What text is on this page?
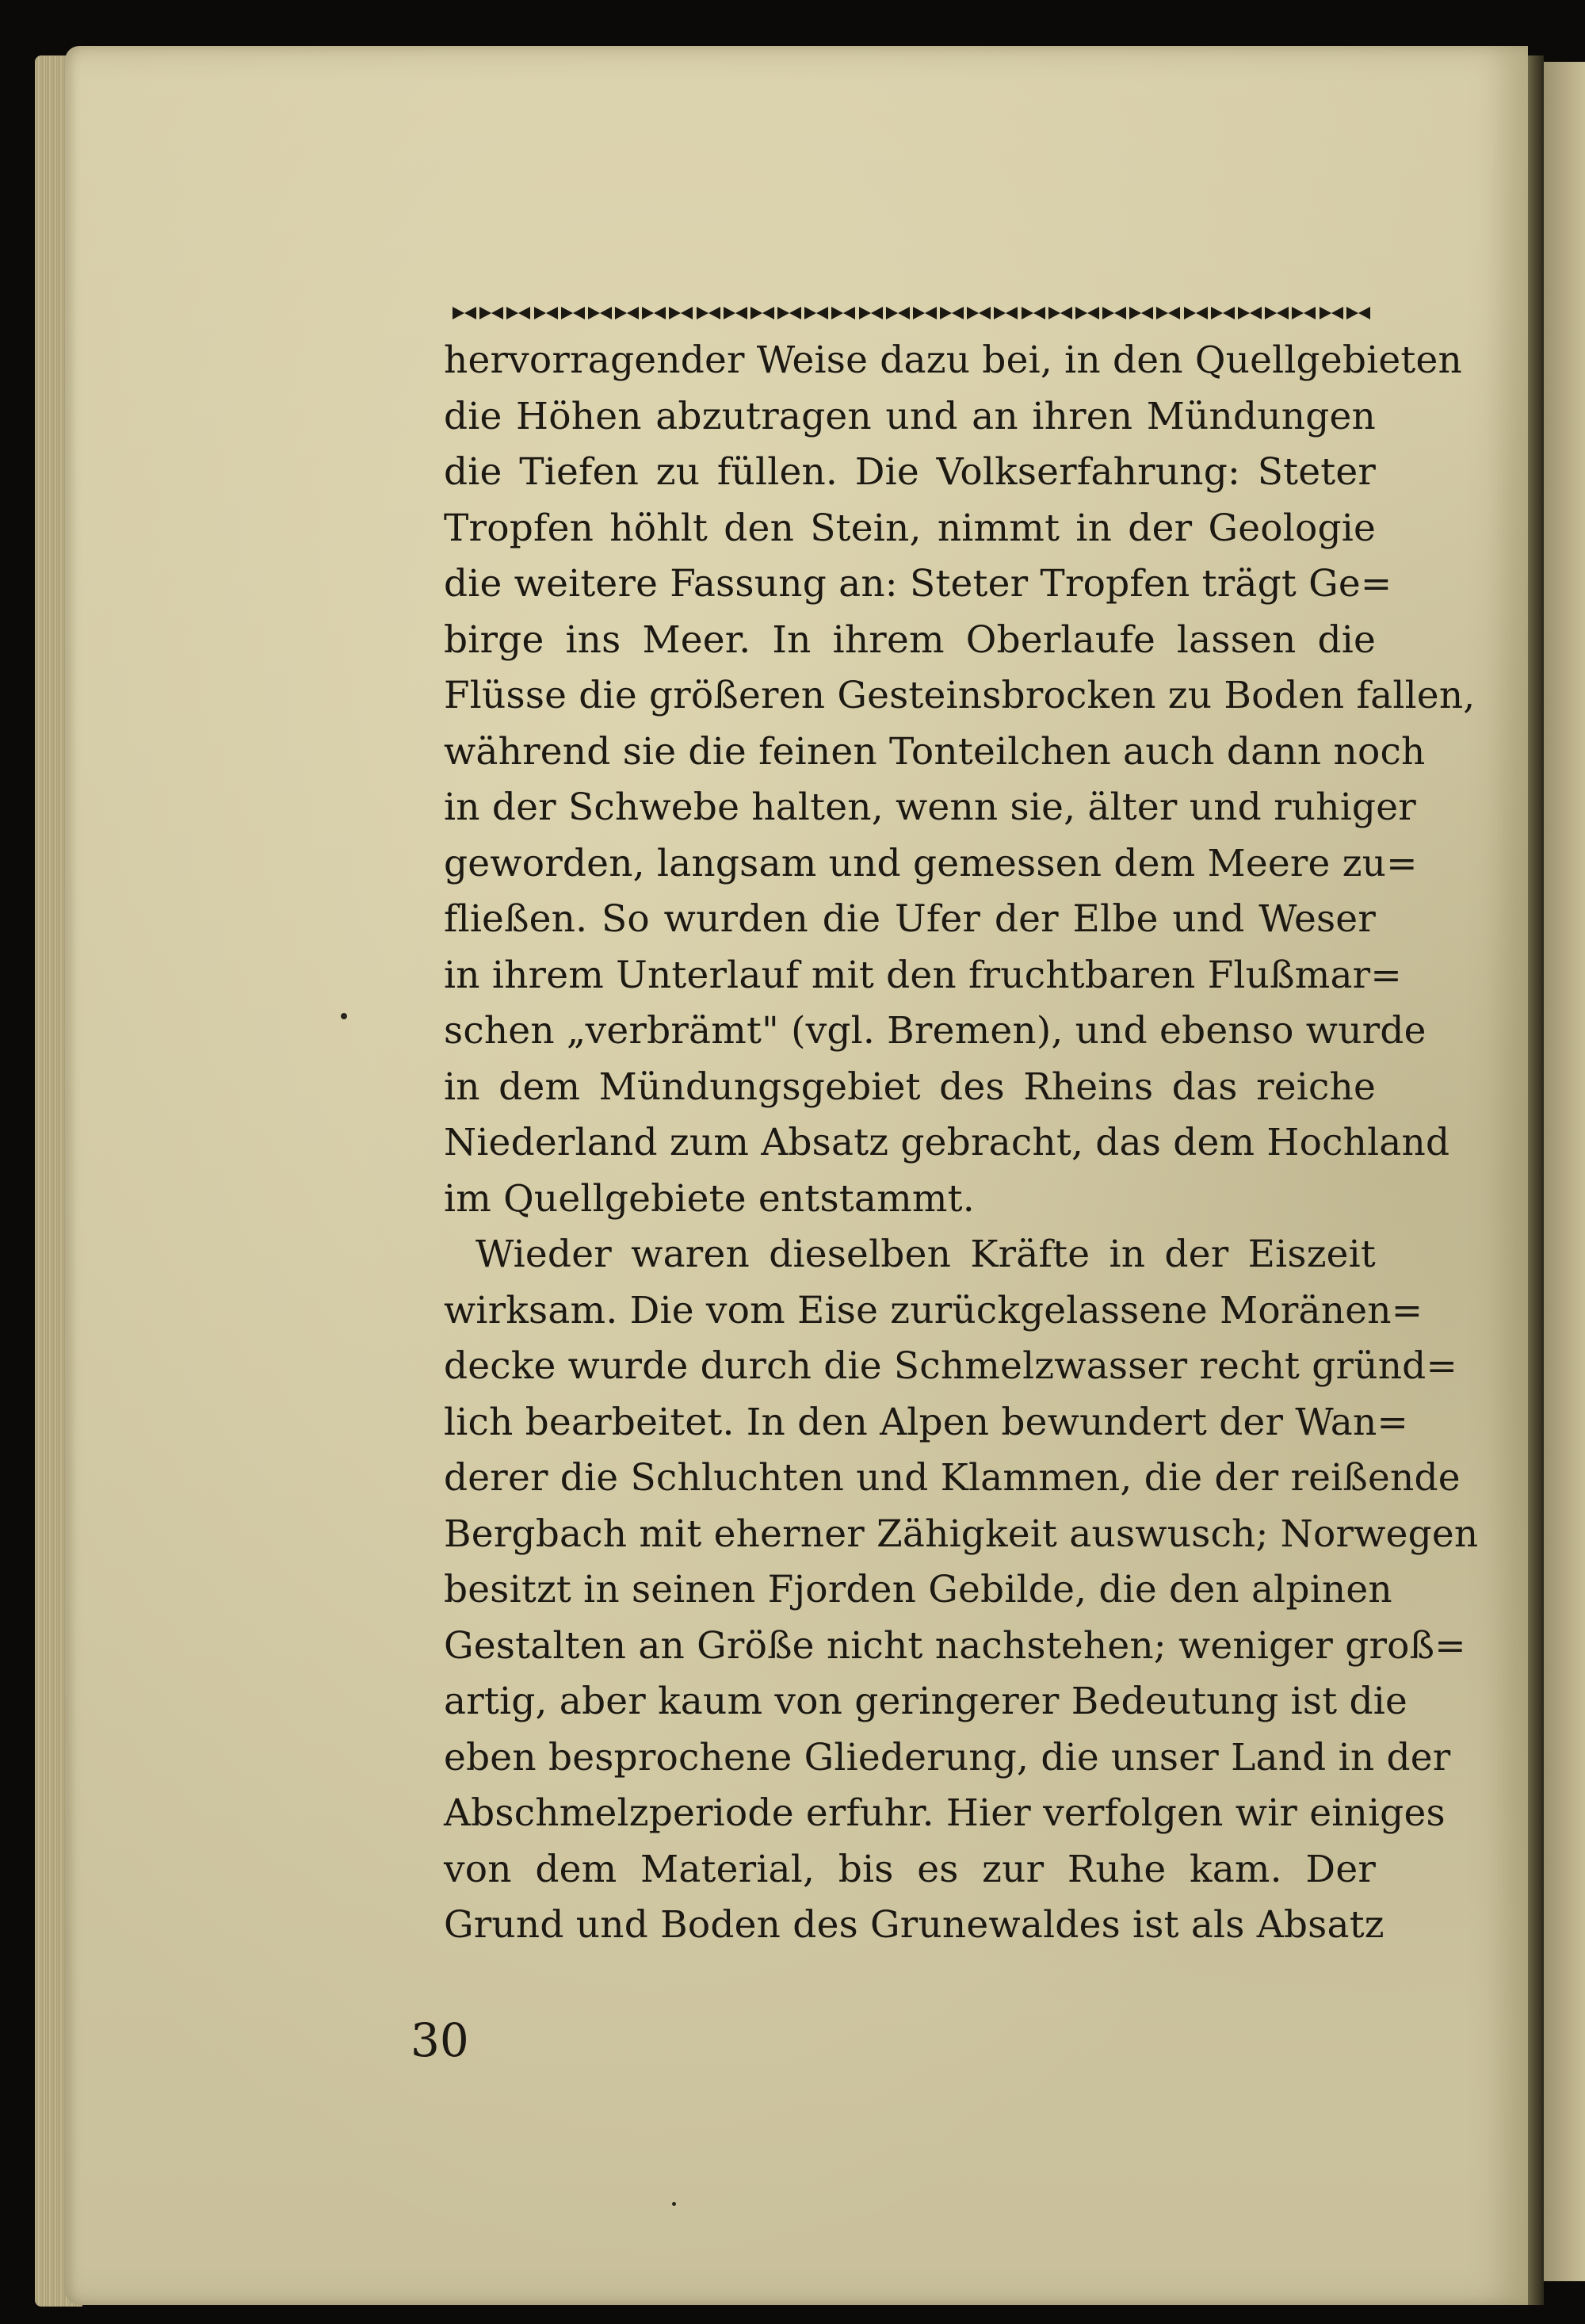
hervorragender Weise dazu bei, in den Quellgebieten
die Höhen abzutragen und an ihren Mündungen
die Tiefen zu füllen. Die Volkserfahrung: Steter
Tropfen höhlt den Stein, nimmt in der Geologie
die weitere Fassung an: Steter Tropfen trägt Ge=
birge ins Meer. In ihrem Oberlaufe lassen die
Flüsse die größeren Gesteinsbrocken zu Boden fallen,
während sie die feinen Tonteilchen auch dann noch
in der Schwebe halten, wenn sie, älter und ruhiger
geworden, langsam und gemessen dem Meere zu=
fließen. So wurden die Ufer der Elbe und Weser
in ihrem Unterlauf mit den fruchtbaren Flußmar=
schen „verbrämt" (vgl. Bremen), und ebenso wurde
in dem Mündungsgebiet des Rheins das reiche
Niederland zum Absatz gebracht, das dem Hochland
im Quellgebiete entstammt.
Wieder waren dieselben Kräfte in der Eiszeit
wirksam. Die vom Eise zurückgelassene Moränen=
decke wurde durch die Schmelzwasser recht gründ=
lich bearbeitet. In den Alpen bewundert der Wan=
derer die Schluchten und Klammen, die der reißende
Bergbach mit eherner Zähigkeit auswusch; Norwegen
besitzt in seinen Fjorden Gebilde, die den alpinen
Gestalten an Größe nicht nachstehen; weniger groß=
artig, aber kaum von geringerer Bedeutung ist die
eben besprochene Gliederung, die unser Land in der
Abschmelzperiode erfuhr. Hier verfolgen wir einiges
von dem Material, bis es zur Ruhe kam. Der
Grund und Boden des Grunewaldes ist als Absatz
30
